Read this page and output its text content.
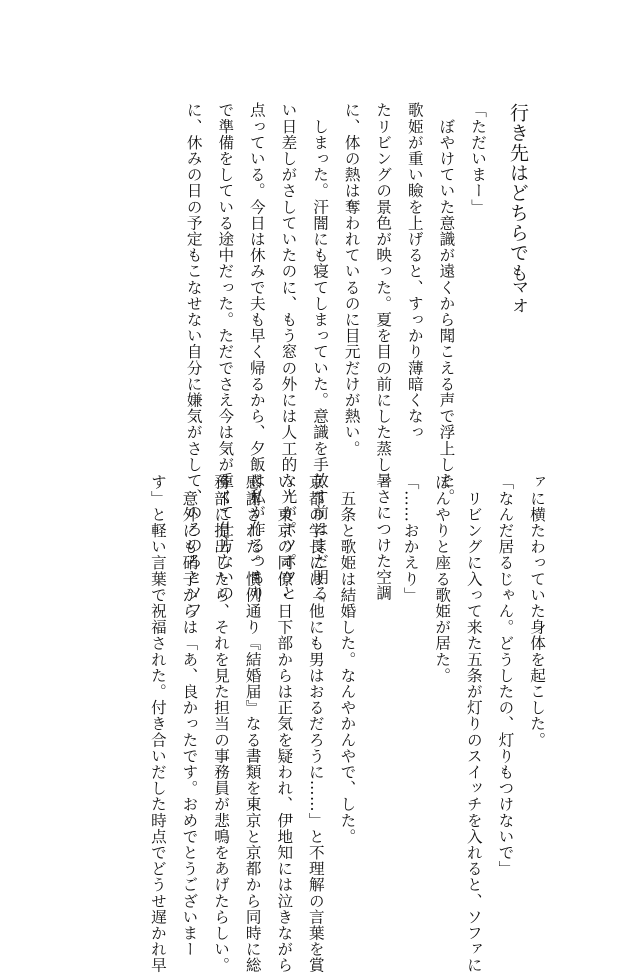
行き先はどちらでも
マオ
「ただいまー」
　ぼやけていた意識が遠くから聞こえる声で浮上した。
歌姫が重い瞼を上げると、すっかり薄暗くなっ
たリビングの景色が映った。夏を目の前にした蒸し暑さにつけた空調
に、体の熱は奪われているのに目元だけが熱い。
　しまった。汗闇にも寝てしまっていた。意識を手放す前はまだ明る
い日差しがさしていたのに、もう窓の外には人工的な光がポツポツと
点っている。今日は休みで夫も早く帰るから、夕飯は私が作るつもり
で準備をしている途中だった。ただでさえ今は気が重くて仕方ないの
に、休みの日の予定もこなせない自分に嫌気がさして、のろのろとソフ	ァに横たわっていた身体を起こした。
「なんだ居るじゃん。どうしたの、灯りもつけないで」
　リビングに入って来た五条が灯りのスイッチを入れると、ソファに
ぼんやりと座る歌姫が居た。
「……おかえり」

　五条と歌姫は結婚した。なんやかんやで、した。
京都の学長には「他にも男はおるだろうに……」と不理解の言葉を賞
い、東京の同僚・日下部からは正気を疑われ、伊地知には泣きながら
感謝された。慣例通り『結婚届』なる書類を東京と京都から同時に総
務部に提出したら、それを見た担当の事務員が悲鳴をあげたらしい。
　意外にも硝子からは「あ、良かったです。おめでとうございまー
す」と軽い言葉で祝福された。付き合いだした時点でどうせ遅かれ早
